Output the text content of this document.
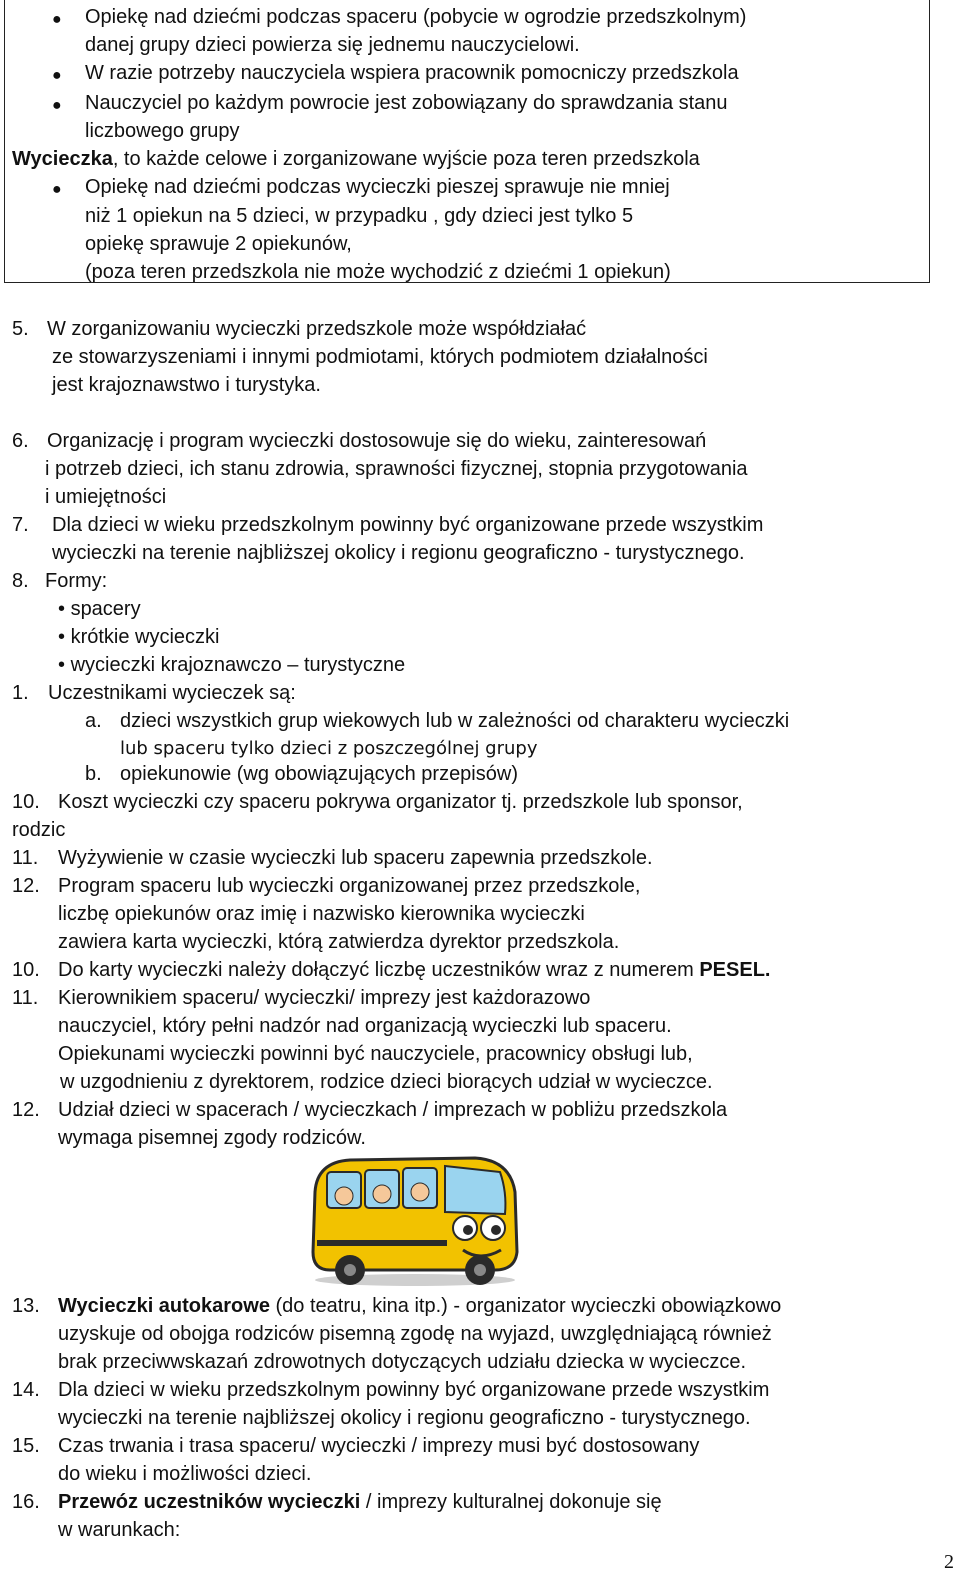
● Opiekę nad dziećmi podczas spaceru (pobycie w ogrodzie przedszkolnym)
danej grupy dzieci powierza się jednemu nauczycielowi.
● W razie potrzeby nauczyciela wspiera pracownik pomocniczy przedszkola
● Nauczyciel po każdym powrocie jest zobowiązany do sprawdzania stanu
liczbowego grupy
Wycieczka, to każde celowe i zorganizowane wyjście poza teren przedszkola
● Opiekę nad dziećmi podczas wycieczki pieszej sprawuje nie mniej
niż 1 opiekun na 5 dzieci, w przypadku , gdy dzieci jest tylko 5
opiekę sprawuje 2 opiekunów,
(poza teren przedszkola nie może wychodzić z dziećmi 1 opiekun)
5. W zorganizowaniu wycieczki przedszkole może współdziałać
ze stowarzyszeniami i innymi podmiotami, których podmiotem działalności
jest krajoznawstwo i turystyka.
6. Organizację i program wycieczki dostosowuje się do wieku, zainteresowań
i potrzeb dzieci, ich stanu zdrowia, sprawności fizycznej, stopnia przygotowania
i umiejętności
7. Dla dzieci w wieku przedszkolnym powinny być organizowane przede wszystkim
wycieczki na terenie najbliższej okolicy i regionu geograficzno - turystycznego.
8. Formy:
• spacery
• krótkie wycieczki
• wycieczki krajoznawczo – turystyczne
1. Uczestnikami wycieczek są:
a. dzieci wszystkich grup wiekowych lub w zależności od charakteru wycieczki
lub spaceru tylko dzieci z poszczególnej grupy
b. opiekunowie (wg obowiązujących przepisów)
10. Koszt wycieczki czy spaceru pokrywa organizator tj. przedszkole lub sponsor,
rodzic
11. Wyżywienie w czasie wycieczki lub spaceru zapewnia przedszkole.
12. Program spaceru lub wycieczki organizowanej przez przedszkole,
liczbę opiekunów oraz imię i nazwisko kierownika wycieczki
zawiera karta wycieczki, którą zatwierdza dyrektor przedszkola.
10. Do karty wycieczki należy dołączyć liczbę uczestników wraz z numerem PESEL.
11. Kierownikiem spaceru/ wycieczki/ imprezy jest każdorazowo
nauczyciel, który pełni nadzór nad organizacją wycieczki lub spaceru.
Opiekunami wycieczki powinni być nauczyciele, pracownicy obsługi lub,
w uzgodnieniu z dyrektorem, rodzice dzieci biorących udział w wycieczce.
12. Udział dzieci w spacerach / wycieczkach / imprezach w pobliżu przedszkola
wymaga pisemnej zgody rodziców.
13. Wycieczki autokarowe (do teatru, kina itp.) - organizator wycieczki obowiązkowo
uzyskuje od obojga rodziców pisemną zgodę na wyjazd, uwzględniającą również
brak przeciwwskazań zdrowotnych dotyczących udziału dziecka w wycieczce.
14. Dla dzieci w wieku przedszkolnym powinny być organizowane przede wszystkim
wycieczki na terenie najbliższej okolicy i regionu geograficzno - turystycznego.
15. Czas trwania i trasa spaceru/ wycieczki / imprezy musi być dostosowany
do wieku i możliwości dzieci.
16. Przewóz uczestników wycieczki / imprezy kulturalnej dokonuje się
w warunkach:
2
